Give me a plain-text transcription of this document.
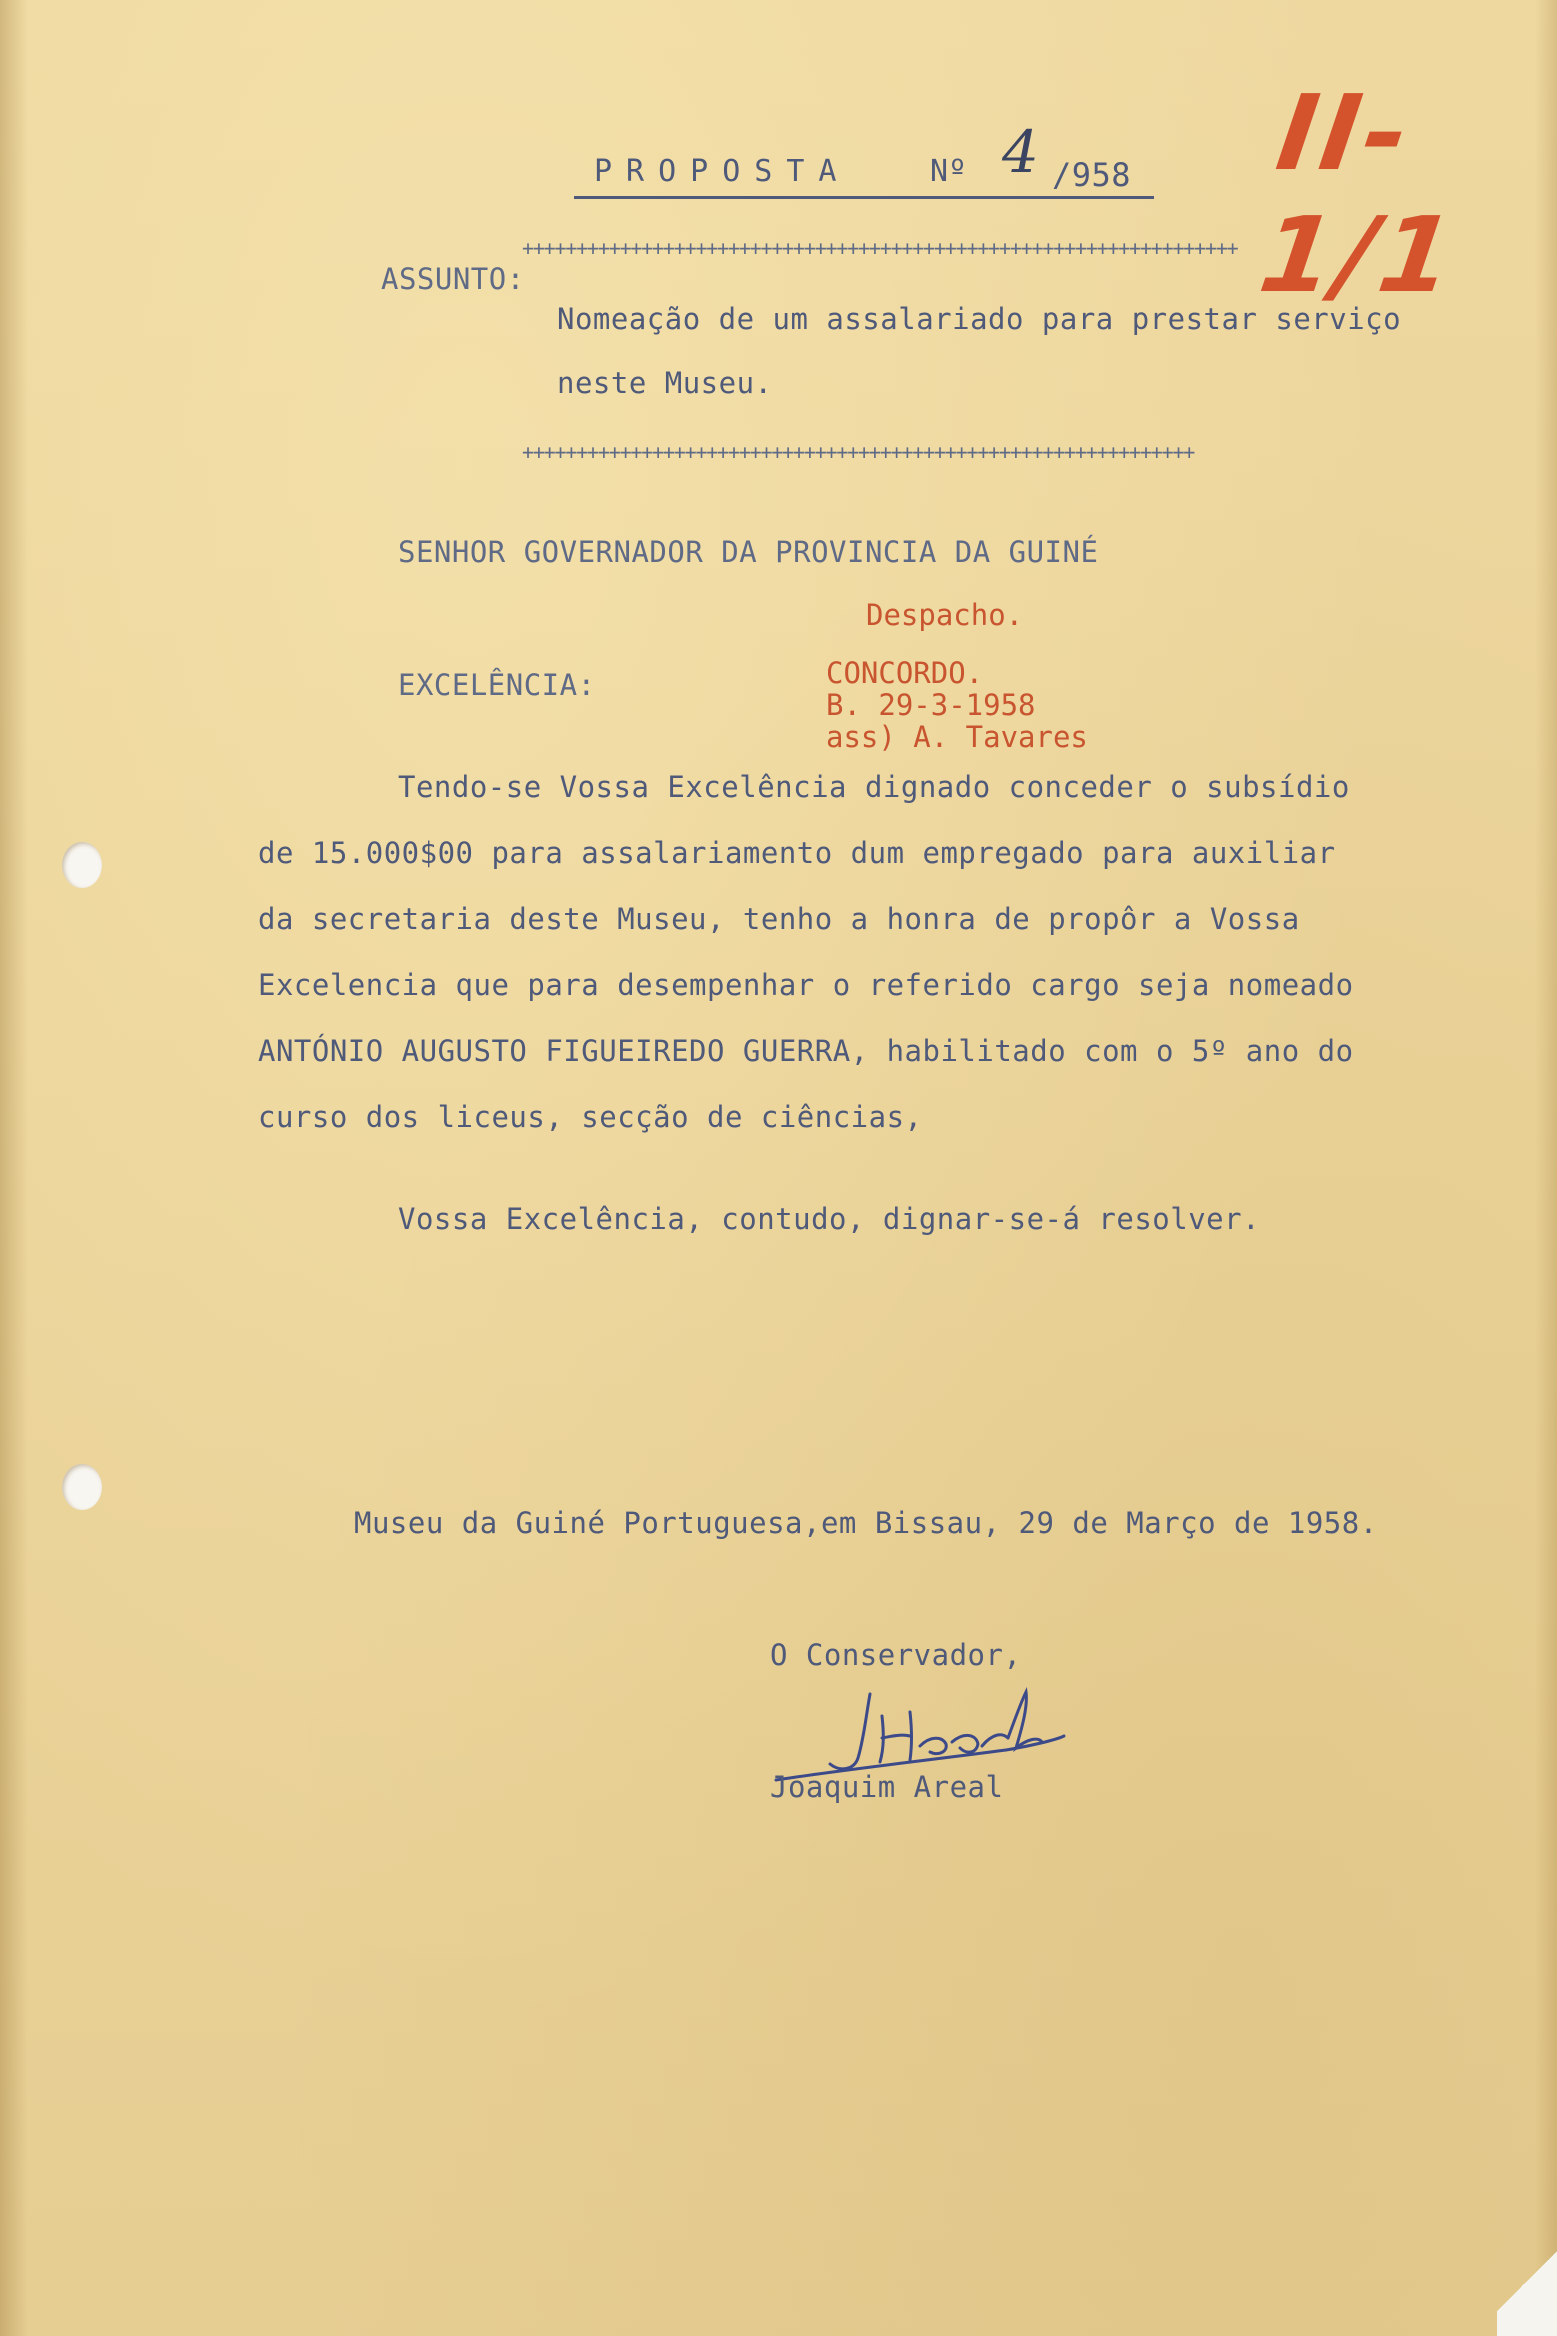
PROPOSTA	Nº 4 /958 II-1/1
++++++++++++++++++++++++++++++++++++++++++++++++++++++++++++++++++
ASSUNTO:
Nomeação de um assalariado para prestar serviço
neste Museu.
++++++++++++++++++++++++++++++++++++++++++++++++++++++++++++++
SENHOR GOVERNADOR DA PROVINCIA DA GUINÉ
Despacho.
CONCORDO.
B. 29-3-1958
ass) A. Tavares
EXCELÊNCIA:
Tendo-se Vossa Excelência dignado conceder o subsídio
de 15.000$00 para assalariamento dum empregado para auxiliar
da secretaria deste Museu, tenho a honra de propôr a Vossa
Excelencia que para desempenhar o referido cargo seja nomeado
ANTÓNIO AUGUSTO FIGUEIREDO GUERRA, habilitado com o 5º ano do
curso dos liceus, secção de ciências,
Vossa Excelência, contudo, dignar-se-á resolver.
Museu da Guiné Portuguesa,em Bissau, 29 de Março de 1958.
O Conservador,
Joaquim Areal
